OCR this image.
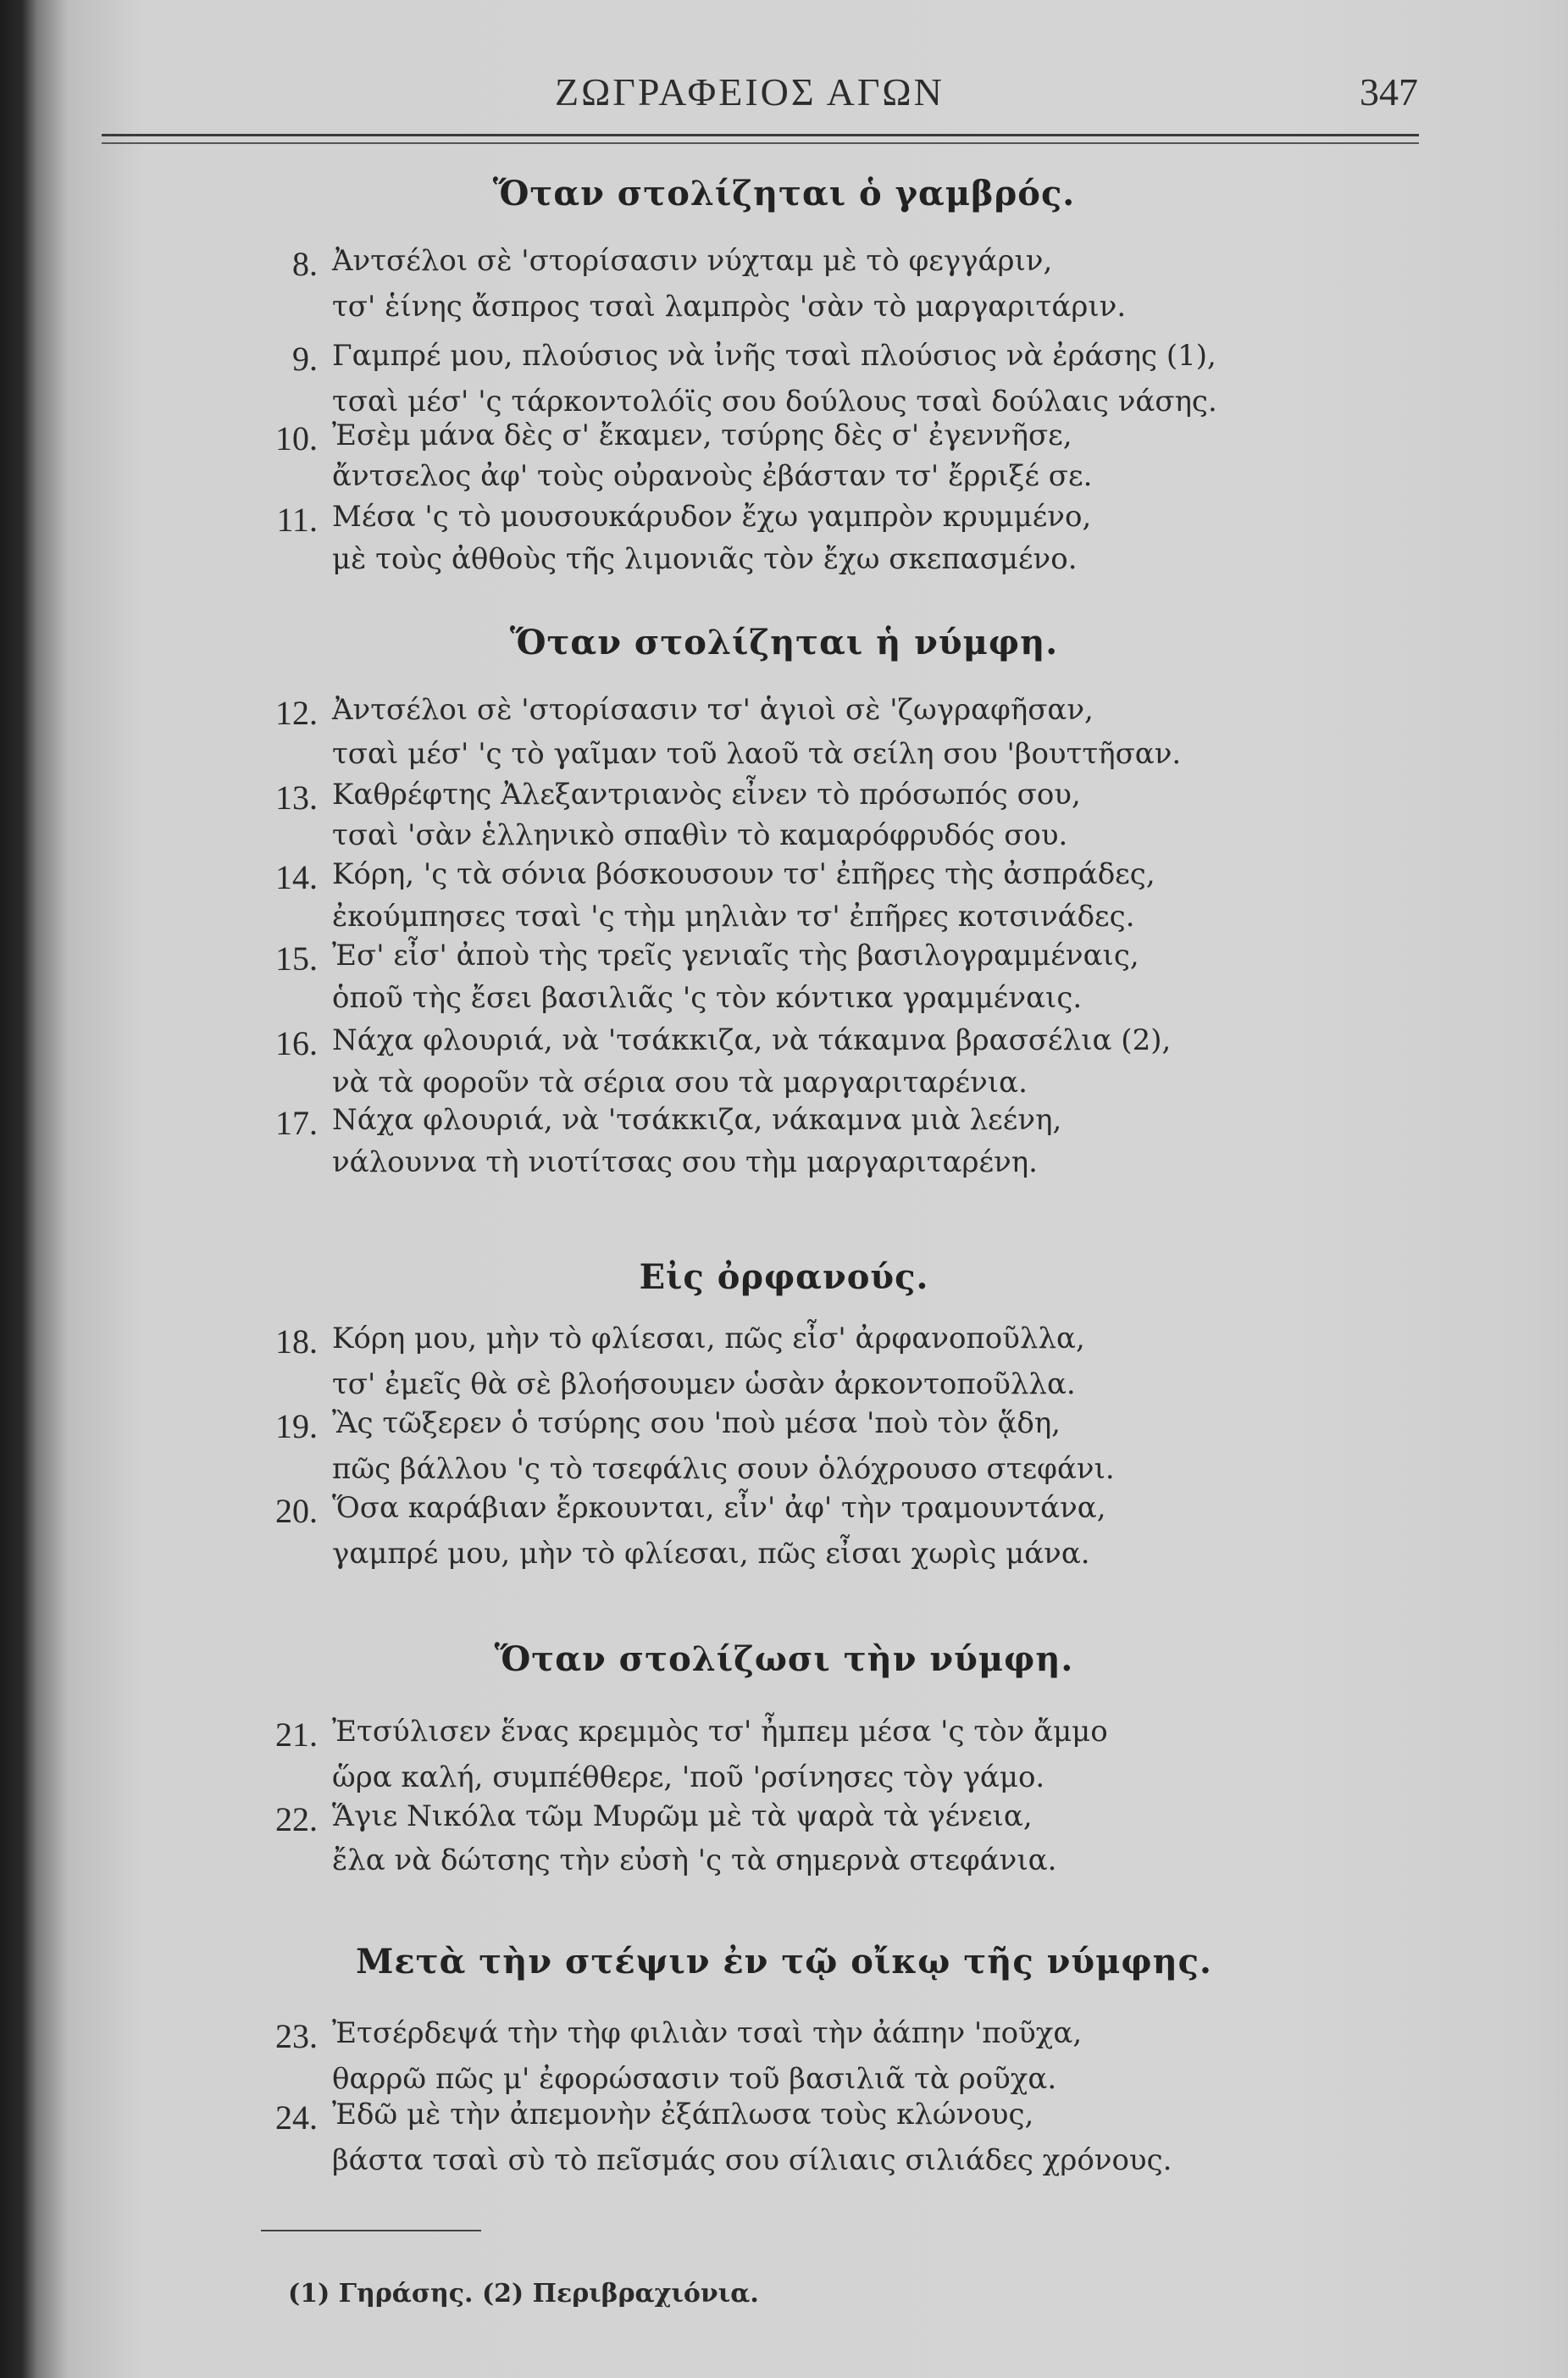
ΖΩΓΡΑΦΕΙΟΣ ΑΓΩΝ	347
Ὅταν στολίζηται ὁ γαμβρός.
8. Ἀντσέλοι σὲ 'στορίσασιν νύχταμ μὲ τὸ φεγγάριν,
τσ' ἑίνης ἄσπρος τσαὶ λαμπρὸς 'σὰν τὸ μαργαριτάριν.
9. Γαμπρέ μου, πλούσιος νὰ ἰνῆς τσαὶ πλούσιος νὰ ἐράσης (1),
τσαὶ μέσ' 'ς τάρκοντολόϊς σου δούλους τσαὶ δούλαις νάσης.
10. Ἐσὲμ μάνα δὲς σ' ἔκαμεν, τσύρης δὲς σ' ἐγεννῆσε,
ἄντσελος ἀφ' τοὺς οὐρανοὺς ἐβάσταν τσ' ἔρριξέ σε.
11. Μέσα 'ς τὸ μουσουκάρυδον ἔχω γαμπρὸν κρυμμένο,
μὲ τοὺς ἀθθοὺς τῆς λιμονιᾶς τὸν ἔχω σκεπασμένο.
Ὅταν στολίζηται ἡ νύμφη.
12. Ἀντσέλοι σὲ 'στορίσασιν τσ' ἁγιοὶ σὲ 'ζωγραφῆσαν,
τσαὶ μέσ' 'ς τὸ γαῖμαν τοῦ λαοῦ τὰ σείλη σου 'βουττῆσαν.
13. Καθρέφτης Ἀλεξαντριανὸς εἶνεν τὸ πρόσωπός σου,
τσαὶ 'σὰν ἑλληνικὸ σπαθὶν τὸ καμαρόφρυδός σου.
14. Κόρη, 'ς τὰ σόνια βόσκουσουν τσ' ἐπῆρες τὴς ἀσπράδες,
ἐκούμπησες τσαὶ 'ς τὴμ μηλιὰν τσ' ἐπῆρες κοτσινάδες.
15. Ἐσ' εἶσ' ἀποὺ τὴς τρεῖς γενιαῖς τὴς βασιλογραμμέναις,
ὁποῦ τὴς ἔσει βασιλιᾶς 'ς τὸν κόντικα γραμμέναις.
16. Νάχα φλουριά, νὰ 'τσάκκιζα, νὰ τάκαμνα βρασσέλια (2),
νὰ τὰ φοροῦν τὰ σέρια σου τὰ μαργαριταρένια.
17. Νάχα φλουριά, νὰ 'τσάκκιζα, νάκαμνα μιὰ λεένη,
νάλουννα τὴ νιοτίτσας σου τὴμ μαργαριταρένη.
Εἰς ὀρφανούς.
18. Κόρη μου, μὴν τὸ φλίεσαι, πῶς εἶσ' ἀρφανοποῦλλα,
τσ' ἐμεῖς θὰ σὲ βλοήσουμεν ὡσὰν ἀρκοντοποῦλλα.
19. Ἂς τῶξερεν ὁ τσύρης σου 'ποὺ μέσα 'ποὺ τὸν ᾅδη,
πῶς βάλλου 'ς τὸ τσεφάλις σουν ὁλόχρουσο στεφάνι.
20. Ὅσα καράβιαν ἔρκουνται, εἶν' ἀφ' τὴν τραμουντάνα,
γαμπρέ μου, μὴν τὸ φλίεσαι, πῶς εἶσαι χωρὶς μάνα.
Ὅταν στολίζωσι τὴν νύμφη.
21. Ἐτσύλισεν ἕνας κρεμμὸς τσ' ἦμπεμ μέσα 'ς τὸν ἄμμο
ὥρα καλή, συμπέθθερε, 'ποῦ 'ρσίνησες τὸγ γάμο.
22. Ἅγιε Νικόλα τῶμ Μυρῶμ μὲ τὰ ψαρὰ τὰ γένεια,
ἔλα νὰ δώτσης τὴν εὐσὴ 'ς τὰ σημερνὰ στεφάνια.
Μετὰ τὴν στέψιν ἐν τῷ οἴκῳ τῆς νύμφης.
23. Ἐτσέρδεψά τὴν τὴφ φιλιὰν τσαὶ τὴν ἀάπην 'ποῦχα,
θαρρῶ πῶς μ' ἐφορώσασιν τοῦ βασιλιᾶ τὰ ροῦχα.
24. Ἐδῶ μὲ τὴν ἀπεμονὴν ἐξάπλωσα τοὺς κλώνους,
βάστα τσαὶ σὺ τὸ πεῖσμάς σου σίλιαις σιλιάδες χρόνους.
(1) Γηράσης. (2) Περιβραχιόνια.
